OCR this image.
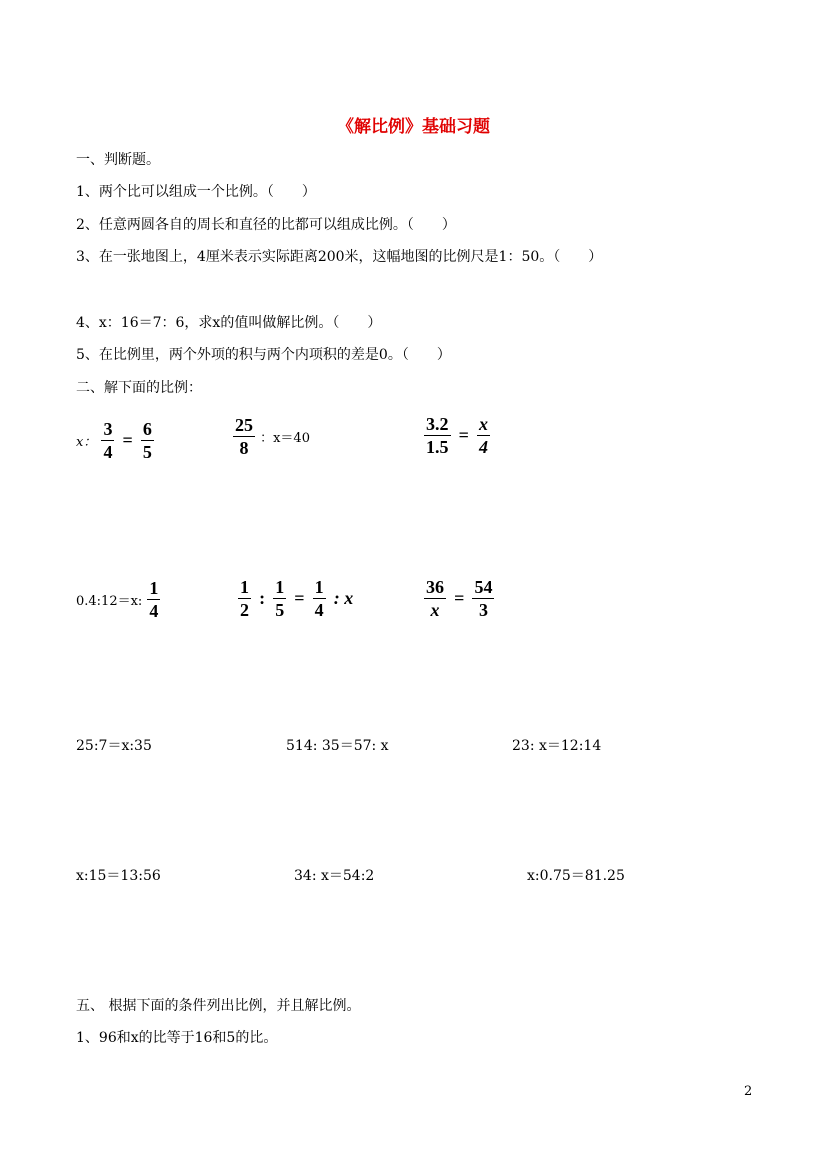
《解比例》基础习题
一、判断题。
1、两个比可以组成一个比例。（　　）
2、任意两圆各自的周长和直径的比都可以组成比例。（　　）
3、在一张地图上，4厘米表示实际距离200米，这幅地图的比例尺是1：50。（　　）
4、x：16＝7：6，求x的值叫做解比例。（　　）
5、在比例里，两个外项的积与两个内项积的差是0。（　　）
二、解下面的比例：
x： $\frac{3}{4} = \frac{6}{5}$	$\frac{25}{8}$ ：x＝40	$\frac{3.2}{1.5} = \frac{x}{4}$
0.4:12＝x: $\frac{1}{4}$	$\frac{1}{2}$ : $\frac{1}{5} = \frac{1}{4}$ : x	$\frac{36}{x} = \frac{54}{3}$
25:7＝x:35	514: 35＝57: x	23: x＝12:14
x:15＝13:56	34: x＝54:2	x:0.75＝81.25
五、 根据下面的条件列出比例，并且解比例。
1、96和x的比等于16和5的比。
2
